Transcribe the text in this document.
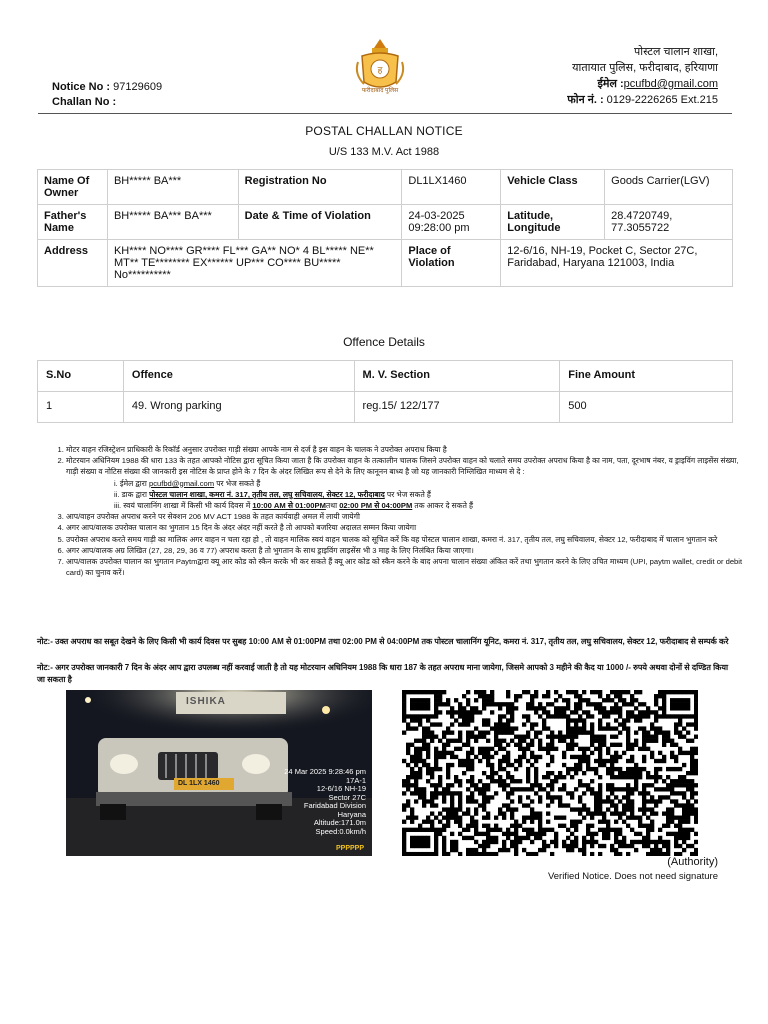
Notice No : 97129609
Challan No :
ह
फरीदाबाद पुलिस
पोस्टल चालान शाखा,
यातायात पुलिस, फरीदाबाद, हरियाणा
ईमेल :pcufbd@gmail.com
फोन नं. : 0129-2226265 Ext.215
POSTAL CHALLAN NOTICE
U/S 133 M.V. Act 1988
Name Of Owner	BH***** BA***	Registration No	DL1LX1460	Vehicle Class	Goods Carrier(LGV)
Father's Name	BH***** BA*** BA***	Date & Time of Violation	24-03-2025
09:28:00 pm	Latitude, Longitude	28.4720749,
77.3055722
Address	KH**** NO**** GR**** FL*** GA** NO* 4 BL***** NE** MT** TE******** EX****** UP*** CO**** BU***** No**********		Place of Violation	12-6/16, NH-19, Pocket C, Sector 27C, Faridabad, Haryana 121003, India	
Offence Details
S.No	Offence	M. V. Section	Fine Amount
1	49. Wrong parking	reg.15/ 122/177	500
1. मोटर वाहन रजिस्ट्रेशन प्राधिकारी के रिकॉर्ड अनुसार उपरोक्त गाड़ी संख्या आपके नाम से दर्ज है इस वाहन के चालक ने उपरोक्त अपराध किया है
2. मोटरयान अधिनियम 1988 की धारा 133 के तहत आपको नोटिस द्वारा सूचित किया जाता है कि उपरोक्त वाहन के तत्कालीन चालक जिसने उपरोक्त वाहन को चलाते समय उपरोक्त अपराध किया है का नाम, पता, दूरभाष नंबर, व ड्राइविंग लाइसेंस संख्या, गाड़ी संख्या व नोटिस संख्या की जानकारी इस नोटिस के प्राप्त होने के 7 दिन के अंदर लिखित रूप से देने के लिए कानूनन बाध्य है जो यह जानकारी निम्लिखित माध्यम से दे :
i. ईमेल द्वारा pcufbd@gmail.com पर भेज सकते हैं
ii. डाक द्वारा पोस्टल चालान शाखा, कमरा नं. 317, तृतीय तल, लघु सचिवालय, सेक्टर 12, फरीदाबाद पर भेज सकते हैं
iii. स्वयं चालानिंग शाखा में किसी भी कार्य दिवस में 10:00 AM से 01:00PMतथा 02:00 PM से 04:00PM तक आकर दे सकते हैं
3. आप/वाहन उपरोक्त अपराध करने पर सेक्शन 206 MV ACT 1988 के तहत कार्यवाही अमल में लायी जायेगी
4. अगर आप/वालक उपरोक्त चालान का भुगतान 15 दिन के अंदर अंदर नहीं करते है तो आपको बजरिया अदालत सम्मन किया जायेगा
5. उपरोक्त अपराध करते समय गाड़ी का मालिक अगर वाहन न चला रहा हो , तो वाहन मालिक स्वयं वाहन चालक को सूचित करें कि वह पोस्टल चालान शाखा, कमरा नं. 317, तृतीय तल, लघु सचिवालय, सेक्टर 12, फरीदाबाद में चालान भुगतान करे
6. अगर आप/वालक अग्र लिखित (27, 28, 29, 36 व 77) अपराध करता है तो भुगतान के साथ ड्राइविंग लाइसेंस भी 3 माह के लिए निलंबित किया जाएगा।
7. आप/वालक उपरोक्त चालान का भुगतान Paytmद्वारा क्यू आर कोड को स्कैन करके भी कर सकते हैं क्यू आर कोड को स्कैन करने के बाद अपना चालान संख्या अंकित करें तथा भुगतान करने के लिए उचित माध्यम (UPI, paytm wallet, credit or debit card) का चुनाव करें।
नोट:- उक्त अपराध का सबूत देखने के लिए किसी भी कार्य दिवस पर सुबह 10:00 AM से 01:00PM तथा 02:00 PM से 04:00PM तक पोस्टल चालानिंग यूनिट, कमरा नं. 317, तृतीय तल, लघु सचिवालय, सेक्टर 12, फरीदाबाद से सम्पर्क करे
नोट:- अगर उपरोक्त जानकारी 7 दिन के अंदर आप द्वारा उपलब्ध नहीं करवाई जाती है तो यह मोटरयान अधिनियम 1988 कि धारा 187 के तहत अपराध माना जायेगा, जिसमे आपको 3 महीने की कैद या 1000 /- रुपये अथवा दोनों से दण्डित किया जा सकता है
ISHIKA
DL 1LX 1460
24 Mar 2025 9:28:46 pm
17A-1
12-6/16 NH-19
Sector 27C
Faridabad Division
Haryana
Altitude:171.0m
Speed:0.0km/h
PPPPPP
(Authority)
Verified Notice. Does not need signature
